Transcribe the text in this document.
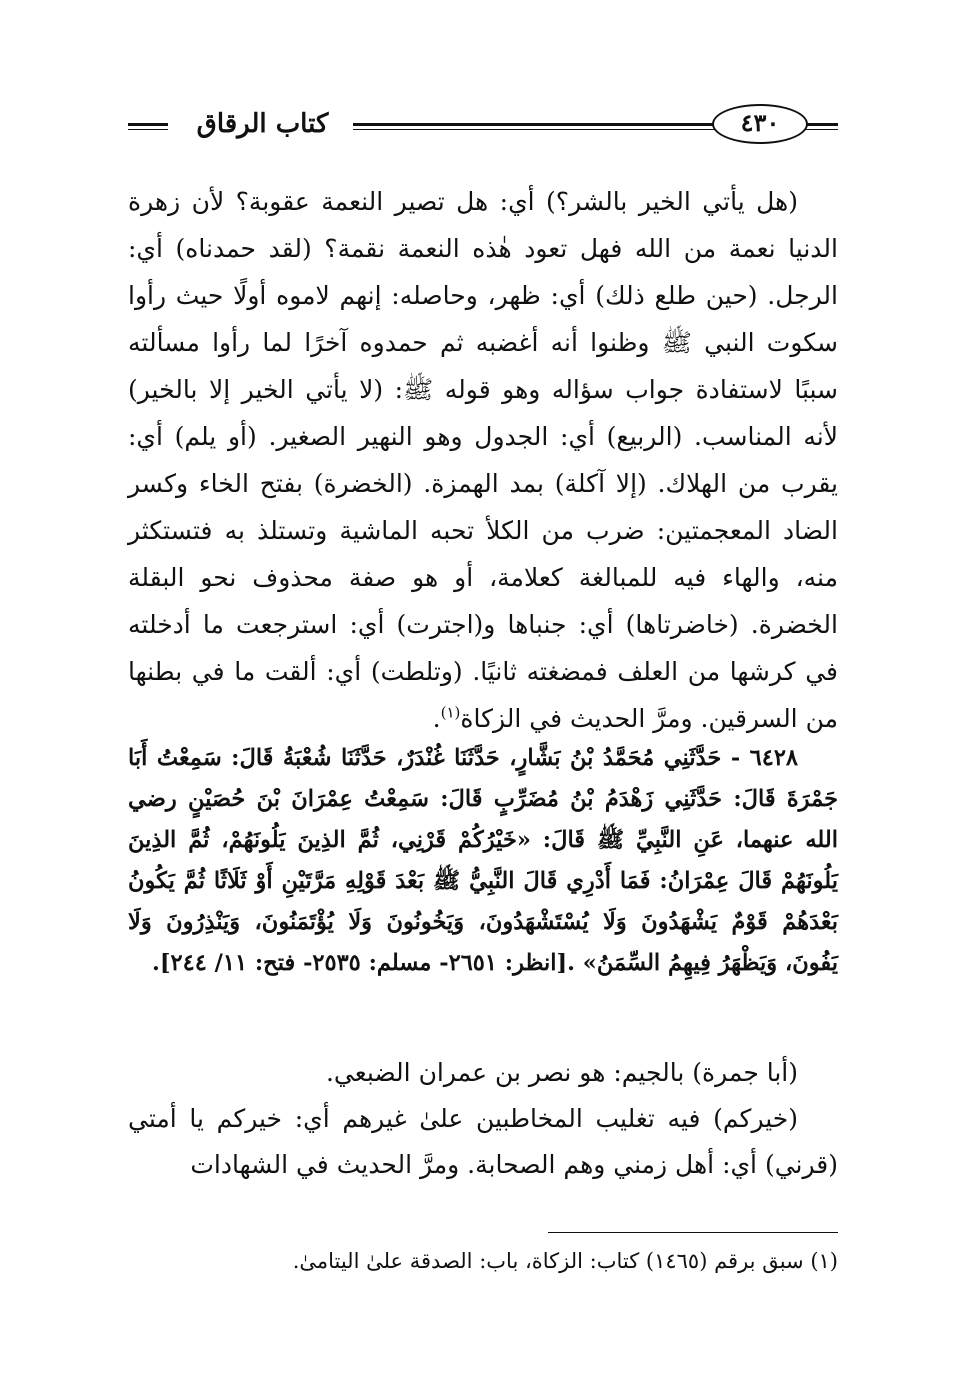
كتاب الرقاق	٤٣٠

(هل يأتي الخير بالشر؟) أي: هل تصير النعمة عقوبة؟ لأن زهرة الدنيا نعمة من الله فهل تعود هٰذه النعمة نقمة؟ (لقد حمدناه) أي: الرجل. (حين طلع ذلك) أي: ظهر، وحاصله: إنهم لاموه أولًا حيث رأوا سكوت النبي ﷺ وظنوا أنه أغضبه ثم حمدوه آخرًا لما رأوا مسألته سببًا لاستفادة جواب سؤاله وهو قوله ﷺ: (لا يأتي الخير إلا بالخير) لأنه المناسب. (الربيع) أي: الجدول وهو النهير الصغير. (أو يلم) أي: يقرب من الهلاك. (إلا آكلة) بمد الهمزة. (الخضرة) بفتح الخاء وكسر الضاد المعجمتين: ضرب من الكلأ تحبه الماشية وتستلذ به فتستكثر منه، والهاء فيه للمبالغة كعلامة، أو هو صفة محذوف نحو البقلة الخضرة. (خاضرتاها) أي: جنباها و(اجترت) أي: استرجعت ما أدخلته في كرشها من العلف فمضغته ثانيًا. (وتلطت) أي: ألقت ما في بطنها من السرقين. ومرَّ الحديث في الزكاة$^{(١)}$.

٦٤٢٨ - حَدَّثَنِي مُحَمَّدُ بْنُ بَشَّارٍ، حَدَّثَنَا غُنْدَرٌ، حَدَّثَنَا شُعْبَةُ قَالَ: سَمِعْتُ أَبَا جَمْرَةَ قَالَ: حَدَّثَنِي زَهْدَمُ بْنُ مُضَرِّبٍ قَالَ: سَمِعْتُ عِمْرَانَ بْنَ حُصَيْنٍ رضي الله عنهما، عَنِ النَّبِيِّ ﷺ قَالَ: «خَيْرُكُمْ قَرْنِي، ثُمَّ الذِينَ يَلُونَهُمْ، ثُمَّ الذِينَ يَلُونَهُمْ قَالَ عِمْرَانُ: فَمَا أَدْرِي قَالَ النَّبِيُّ ﷺ بَعْدَ قَوْلِهِ مَرَّتَيْنِ أَوْ ثَلَاثًا ثُمَّ يَكُونُ بَعْدَهُمْ قَوْمٌ يَشْهَدُونَ وَلَا يُسْتَشْهَدُونَ، وَيَخُونُونَ وَلَا يُؤْتَمَنُونَ، وَيَنْذِرُونَ وَلَا يَفُونَ، وَيَظْهَرُ فِيهِمُ السِّمَنُ» .[انظر: ٢٦٥١- مسلم: ٢٥٣٥- فتح: ١١/ ٢٤٤].

(أبا جمرة) بالجيم: هو نصر بن عمران الضبعي.

(خيركم) فيه تغليب المخاطبين علىٰ غيرهم أي: خيركم يا أمتي (قرني) أي: أهل زمني وهم الصحابة. ومرَّ الحديث في الشهادات

(١) سبق برقم (١٤٦٥) كتاب: الزكاة، باب: الصدقة علىٰ اليتامىٰ.
